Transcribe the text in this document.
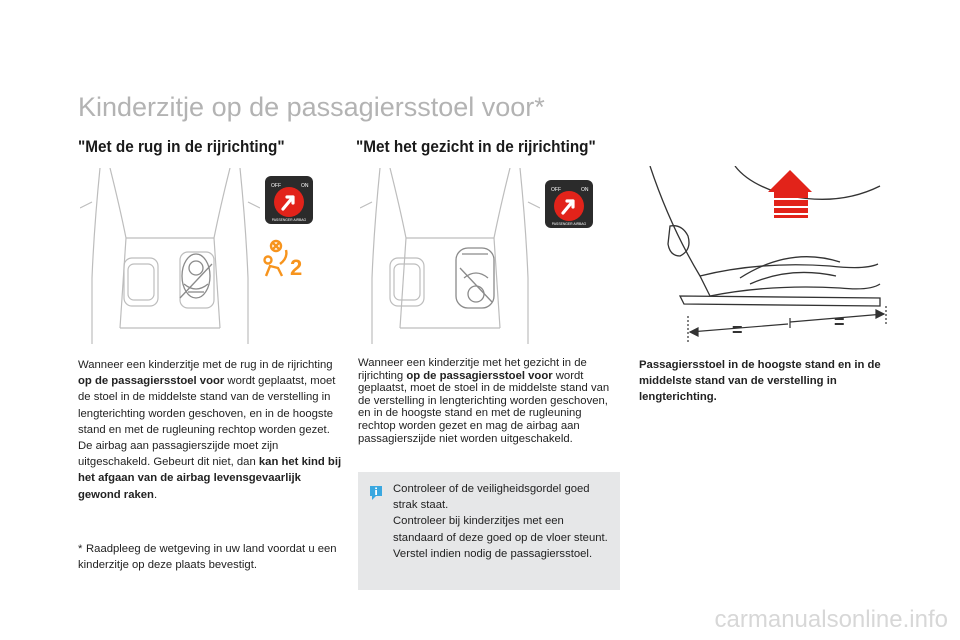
Kinderzitje op de passagiersstoel voor*
"Met de rug in de rijrichting"	"Met het gezicht in de rijrichting"
OFF	ON
PASSENGER AIRBAG
2
OFF	ON
PASSENGER AIRBAG
=	=
Wanneer een kinderzitje met de rug in de rijrichting op de passagiersstoel voor wordt geplaatst, moet de stoel in de middelste stand van de verstelling in lengterichting worden geschoven, en in de hoogste stand en met de rugleuning rechtop worden gezet.
De airbag aan passagierszijde moet zijn uitgeschakeld. Gebeurt dit niet, dan kan het kind bij het afgaan van de airbag levensgevaarlijk gewond raken.
* Raadpleeg de wetgeving in uw land voordat u een kinderzitje op deze plaats bevestigt.
Wanneer een kinderzitje met het gezicht in de rijrichting op de passagiersstoel voor wordt geplaatst, moet de stoel in de middelste stand van de verstelling in lengterichting worden geschoven, en in de hoogste stand en met de rugleuning rechtop worden gezet en mag de airbag aan passagierszijde niet worden uitgeschakeld.
Controleer of de veiligheidsgordel goed strak staat.
Controleer bij kinderzitjes met een standaard of deze goed op de vloer steunt. Verstel indien nodig de passagiersstoel.
Passagiersstoel in de hoogste stand en in de middelste stand van de verstelling in lengterichting.
carmanualsonline.info
